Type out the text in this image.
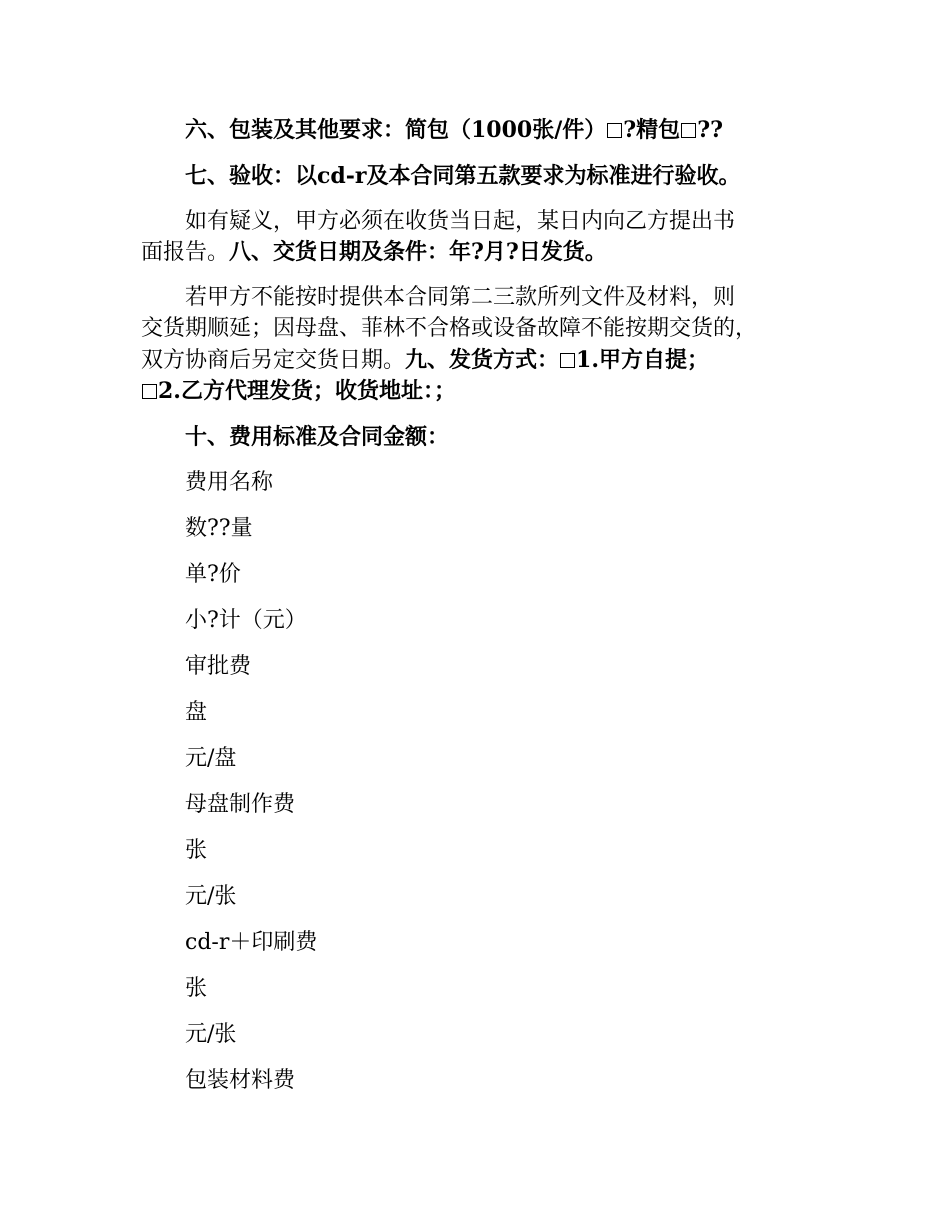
六、包装及其他要求：简包（1000张/件） ?精包 ??
七、验收：以cd-r及本合同第五款要求为标准进行验收。
如有疑义，甲方必须在收货当日起，某日内向乙方提出书
面报告。八、交货日期及条件：年?月?日发货。
若甲方不能按时提供本合同第二三款所列文件及材料，则
交货期顺延；因母盘、菲林不合格或设备故障不能按期交货的，
双方协商后另定交货日期。九、发货方式： 1.甲方自提；
2.乙方代理发货；收货地址：；
十、费用标准及合同金额：
费用名称
数??量
单?价
小?计（元）
审批费
盘
元/盘
母盘制作费
张
元/张
cd-r＋印刷费
张
元/张
包装材料费
